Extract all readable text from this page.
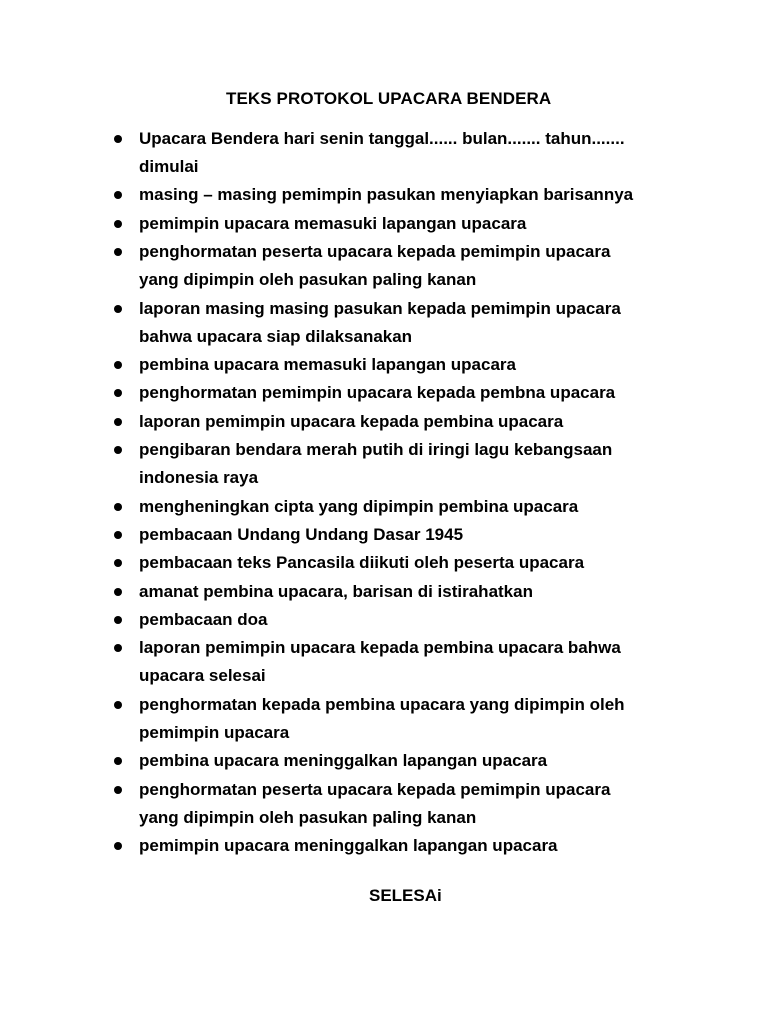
TEKS PROTOKOL UPACARA BENDERA
Upacara Bendera hari senin tanggal...... bulan....... tahun.......
dimulai
masing – masing pemimpin pasukan menyiapkan barisannya
pemimpin upacara memasuki lapangan upacara
penghormatan peserta upacara kepada pemimpin upacara
yang dipimpin oleh pasukan paling kanan
laporan masing masing pasukan kepada pemimpin upacara
bahwa upacara siap dilaksanakan
pembina upacara memasuki lapangan upacara
penghormatan pemimpin upacara kepada pembna upacara
laporan pemimpin upacara kepada pembina upacara
pengibaran bendara merah putih di iringi lagu kebangsaan
indonesia raya
mengheningkan cipta yang dipimpin pembina upacara
pembacaan Undang Undang Dasar 1945
pembacaan teks Pancasila diikuti oleh peserta upacara
amanat pembina upacara, barisan di istirahatkan
pembacaan doa
laporan pemimpin upacara kepada pembina upacara bahwa
upacara selesai
penghormatan kepada pembina upacara yang dipimpin oleh
pemimpin upacara
pembina upacara meninggalkan lapangan upacara
penghormatan peserta upacara kepada pemimpin upacara
yang dipimpin oleh pasukan paling kanan
pemimpin upacara meninggalkan lapangan upacara
SELESAi
